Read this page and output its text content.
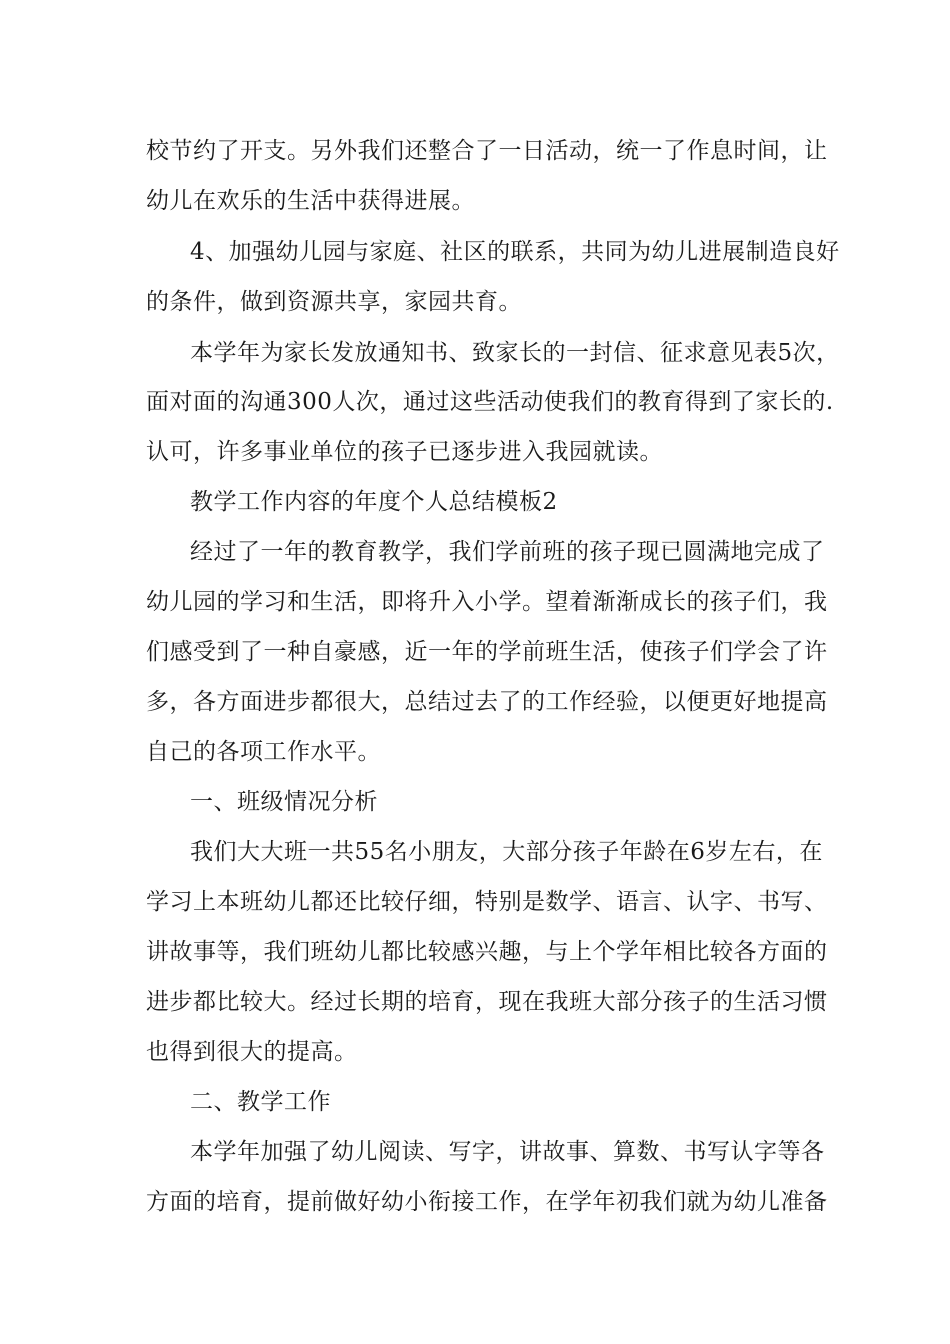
校节约了开支。另外我们还整合了一日活动，统一了作息时间，让
幼儿在欢乐的生活中获得进展。
4、加强幼儿园与家庭、社区的联系，共同为幼儿进展制造良好
的条件，做到资源共享，家园共育。
本学年为家长发放通知书、致家长的一封信、征求意见表5次，
面对面的沟通300人次，通过这些活动使我们的教育得到了家长的.
认可，许多事业单位的孩子已逐步进入我园就读。
教学工作内容的年度个人总结模板2
经过了一年的教育教学，我们学前班的孩子现已圆满地完成了
幼儿园的学习和生活，即将升入小学。望着渐渐成长的孩子们，我
们感受到了一种自豪感，近一年的学前班生活，使孩子们学会了许
多，各方面进步都很大，总结过去了的工作经验，以便更好地提高
自己的各项工作水平。
一、班级情况分析
我们大大班一共55名小朋友，大部分孩子年龄在6岁左右，在
学习上本班幼儿都还比较仔细，特别是数学、语言、认字、书写、
讲故事等，我们班幼儿都比较感兴趣，与上个学年相比较各方面的
进步都比较大。经过长期的培育，现在我班大部分孩子的生活习惯
也得到很大的提高。
二、教学工作
本学年加强了幼儿阅读、写字，讲故事、算数、书写认字等各
方面的培育，提前做好幼小衔接工作，在学年初我们就为幼儿准备
